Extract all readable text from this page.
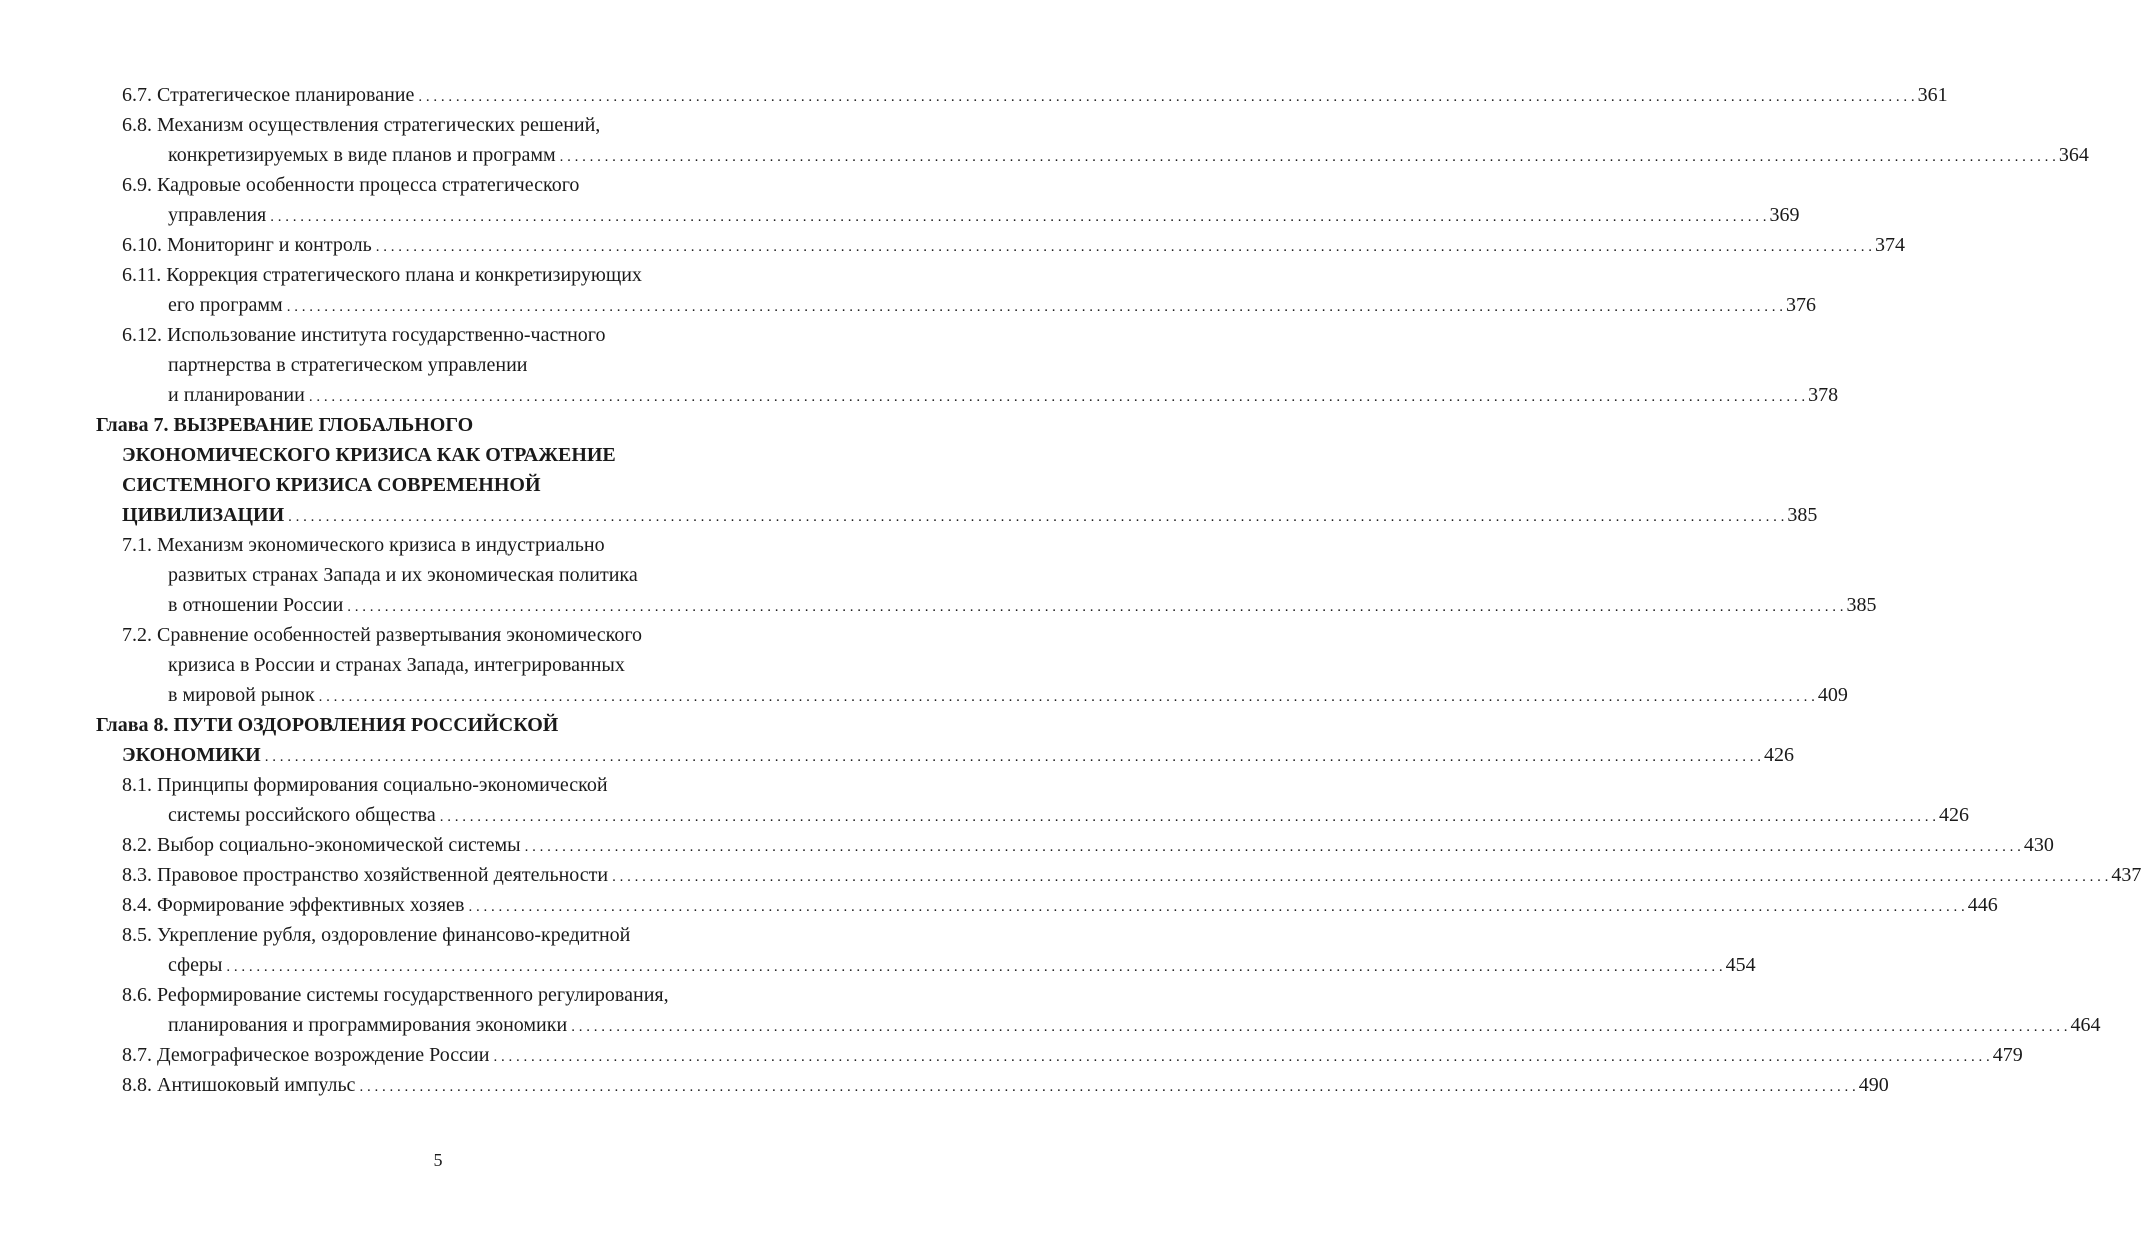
6.7. Стратегическое планирование . . . . . . . . . . . . . . . . . . . . . . . . . . . . . . . . . . . . . . . . . . . . . . . . . . . . . . . . . . . . . . . . . . . . . . . . . . . . . . . . . . . . . . . . . . . . . . . . . . . . . . . . . . . . . . . . . . . . . . . . . . . . . . . . . . . . . . . . . . . . . . . . . . . . . . . . . . . . . . . . . . . . . . . . . . . . . . . . . . . . . . . . . . . . . . . . . . . . . . . . 361
6.8. Механизм осуществления стратегических решений,
конкретизируемых в виде планов и программ . . . . . . . . . . . . . . . . . . . . . . . . . . . . . . . . . . . . . . . . . . . . . . . . . . . . . . . . . . . . . . . . . . . . . . . . . . . . . . . . . . . . . . . . . . . . . . . . . . . . . . . . . . . . . . . . . . . . . . . . . . . . . . . . . . . . . . . . . . . . . . . . . . . . . . . . . . . . . . . . . . . . . . . . . . . . . . . . . . . . . . . . . . . . . . . . . . . . . . . . 364
6.9. Кадровые особенности процесса стратегического
управления . . . . . . . . . . . . . . . . . . . . . . . . . . . . . . . . . . . . . . . . . . . . . . . . . . . . . . . . . . . . . . . . . . . . . . . . . . . . . . . . . . . . . . . . . . . . . . . . . . . . . . . . . . . . . . . . . . . . . . . . . . . . . . . . . . . . . . . . . . . . . . . . . . . . . . . . . . . . . . . . . . . . . . . . . . . . . . . . . . . . . . . . . . . . . . . . . . . . . . . . 369
6.10. Мониторинг и контроль . . . . . . . . . . . . . . . . . . . . . . . . . . . . . . . . . . . . . . . . . . . . . . . . . . . . . . . . . . . . . . . . . . . . . . . . . . . . . . . . . . . . . . . . . . . . . . . . . . . . . . . . . . . . . . . . . . . . . . . . . . . . . . . . . . . . . . . . . . . . . . . . . . . . . . . . . . . . . . . . . . . . . . . . . . . . . . . . . . . . . . . . . . . . . . . . . . . . . . . . 374
6.11. Коррекция стратегического плана и конкретизирующих
его программ . . . . . . . . . . . . . . . . . . . . . . . . . . . . . . . . . . . . . . . . . . . . . . . . . . . . . . . . . . . . . . . . . . . . . . . . . . . . . . . . . . . . . . . . . . . . . . . . . . . . . . . . . . . . . . . . . . . . . . . . . . . . . . . . . . . . . . . . . . . . . . . . . . . . . . . . . . . . . . . . . . . . . . . . . . . . . . . . . . . . . . . . . . . . . . . . . . . . . . . . 376
6.12. Использование института государственно-частного
партнерства в стратегическом управлении
и планировании . . . . . . . . . . . . . . . . . . . . . . . . . . . . . . . . . . . . . . . . . . . . . . . . . . . . . . . . . . . . . . . . . . . . . . . . . . . . . . . . . . . . . . . . . . . . . . . . . . . . . . . . . . . . . . . . . . . . . . . . . . . . . . . . . . . . . . . . . . . . . . . . . . . . . . . . . . . . . . . . . . . . . . . . . . . . . . . . . . . . . . . . . . . . . . . . . . . . . . . . 378
Глава 7. ВЫЗРЕВАНИЕ ГЛОБАЛЬНОГО
ЭКОНОМИЧЕСКОГО КРИЗИСА КАК ОТРАЖЕНИЕ
СИСТЕМНОГО КРИЗИСА СОВРЕМЕННОЙ
ЦИВИЛИЗАЦИИ . . . . . . . . . . . . . . . . . . . . . . . . . . . . . . . . . . . . . . . . . . . . . . . . . . . . . . . . . . . . . . . . . . . . . . . . . . . . . . . . . . . . . . . . . . . . . . . . . . . . . . . . . . . . . . . . . . . . . . . . . . . . . . . . . . . . . . . . . . . . . . . . . . . . . . . . . . . . . . . . . . . . . . . . . . . . . . . . . . . . . . . . . . . . . . . . . . . . . . . . 385
7.1. Механизм экономического кризиса в индустриально
развитых странах Запада и их экономическая политика
в отношении России . . . . . . . . . . . . . . . . . . . . . . . . . . . . . . . . . . . . . . . . . . . . . . . . . . . . . . . . . . . . . . . . . . . . . . . . . . . . . . . . . . . . . . . . . . . . . . . . . . . . . . . . . . . . . . . . . . . . . . . . . . . . . . . . . . . . . . . . . . . . . . . . . . . . . . . . . . . . . . . . . . . . . . . . . . . . . . . . . . . . . . . . . . . . . . . . . . . . . . . . 385
7.2. Сравнение особенностей развертывания экономического
кризиса в России и странах Запада, интегрированных
в мировой рынок . . . . . . . . . . . . . . . . . . . . . . . . . . . . . . . . . . . . . . . . . . . . . . . . . . . . . . . . . . . . . . . . . . . . . . . . . . . . . . . . . . . . . . . . . . . . . . . . . . . . . . . . . . . . . . . . . . . . . . . . . . . . . . . . . . . . . . . . . . . . . . . . . . . . . . . . . . . . . . . . . . . . . . . . . . . . . . . . . . . . . . . . . . . . . . . . . . . . . . . . 409
Глава 8. ПУТИ ОЗДОРОВЛЕНИЯ РОССИЙСКОЙ
ЭКОНОМИКИ . . . . . . . . . . . . . . . . . . . . . . . . . . . . . . . . . . . . . . . . . . . . . . . . . . . . . . . . . . . . . . . . . . . . . . . . . . . . . . . . . . . . . . . . . . . . . . . . . . . . . . . . . . . . . . . . . . . . . . . . . . . . . . . . . . . . . . . . . . . . . . . . . . . . . . . . . . . . . . . . . . . . . . . . . . . . . . . . . . . . . . . . . . . . . . . . . . . . . . . . 426
8.1. Принципы формирования социально-экономической
системы российского общества . . . . . . . . . . . . . . . . . . . . . . . . . . . . . . . . . . . . . . . . . . . . . . . . . . . . . . . . . . . . . . . . . . . . . . . . . . . . . . . . . . . . . . . . . . . . . . . . . . . . . . . . . . . . . . . . . . . . . . . . . . . . . . . . . . . . . . . . . . . . . . . . . . . . . . . . . . . . . . . . . . . . . . . . . . . . . . . . . . . . . . . . . . . . . . . . . . . . . . . . 426
8.2. Выбор социально-экономической системы . . . . . . . . . . . . . . . . . . . . . . . . . . . . . . . . . . . . . . . . . . . . . . . . . . . . . . . . . . . . . . . . . . . . . . . . . . . . . . . . . . . . . . . . . . . . . . . . . . . . . . . . . . . . . . . . . . . . . . . . . . . . . . . . . . . . . . . . . . . . . . . . . . . . . . . . . . . . . . . . . . . . . . . . . . . . . . . . . . . . . . . . . . . . . . . . . . . . . . . . 430
8.3. Правовое пространство хозяйственной деятельности . . . . . . . . . . . . . . . . . . . . . . . . . . . . . . . . . . . . . . . . . . . . . . . . . . . . . . . . . . . . . . . . . . . . . . . . . . . . . . . . . . . . . . . . . . . . . . . . . . . . . . . . . . . . . . . . . . . . . . . . . . . . . . . . . . . . . . . . . . . . . . . . . . . . . . . . . . . . . . . . . . . . . . . . . . . . . . . . . . . . . . . . . . . . . . . . . . . . . . . . 437
8.4. Формирование эффективных хозяев . . . . . . . . . . . . . . . . . . . . . . . . . . . . . . . . . . . . . . . . . . . . . . . . . . . . . . . . . . . . . . . . . . . . . . . . . . . . . . . . . . . . . . . . . . . . . . . . . . . . . . . . . . . . . . . . . . . . . . . . . . . . . . . . . . . . . . . . . . . . . . . . . . . . . . . . . . . . . . . . . . . . . . . . . . . . . . . . . . . . . . . . . . . . . . . . . . . . . . . . 446
8.5. Укрепление рубля, оздоровление финансово-кредитной
сферы . . . . . . . . . . . . . . . . . . . . . . . . . . . . . . . . . . . . . . . . . . . . . . . . . . . . . . . . . . . . . . . . . . . . . . . . . . . . . . . . . . . . . . . . . . . . . . . . . . . . . . . . . . . . . . . . . . . . . . . . . . . . . . . . . . . . . . . . . . . . . . . . . . . . . . . . . . . . . . . . . . . . . . . . . . . . . . . . . . . . . . . . . . . . . . . . . . . . . . . . 454
8.6. Реформирование системы государственного регулирования,
планирования и программирования экономики . . . . . . . . . . . . . . . . . . . . . . . . . . . . . . . . . . . . . . . . . . . . . . . . . . . . . . . . . . . . . . . . . . . . . . . . . . . . . . . . . . . . . . . . . . . . . . . . . . . . . . . . . . . . . . . . . . . . . . . . . . . . . . . . . . . . . . . . . . . . . . . . . . . . . . . . . . . . . . . . . . . . . . . . . . . . . . . . . . . . . . . . . . . . . . . . . . . . . . . . 464
8.7. Демографическое возрождение России . . . . . . . . . . . . . . . . . . . . . . . . . . . . . . . . . . . . . . . . . . . . . . . . . . . . . . . . . . . . . . . . . . . . . . . . . . . . . . . . . . . . . . . . . . . . . . . . . . . . . . . . . . . . . . . . . . . . . . . . . . . . . . . . . . . . . . . . . . . . . . . . . . . . . . . . . . . . . . . . . . . . . . . . . . . . . . . . . . . . . . . . . . . . . . . . . . . . . . . . 479
8.8. Антишоковый импульс . . . . . . . . . . . . . . . . . . . . . . . . . . . . . . . . . . . . . . . . . . . . . . . . . . . . . . . . . . . . . . . . . . . . . . . . . . . . . . . . . . . . . . . . . . . . . . . . . . . . . . . . . . . . . . . . . . . . . . . . . . . . . . . . . . . . . . . . . . . . . . . . . . . . . . . . . . . . . . . . . . . . . . . . . . . . . . . . . . . . . . . . . . . . . . . . . . . . . . . . 490
5
